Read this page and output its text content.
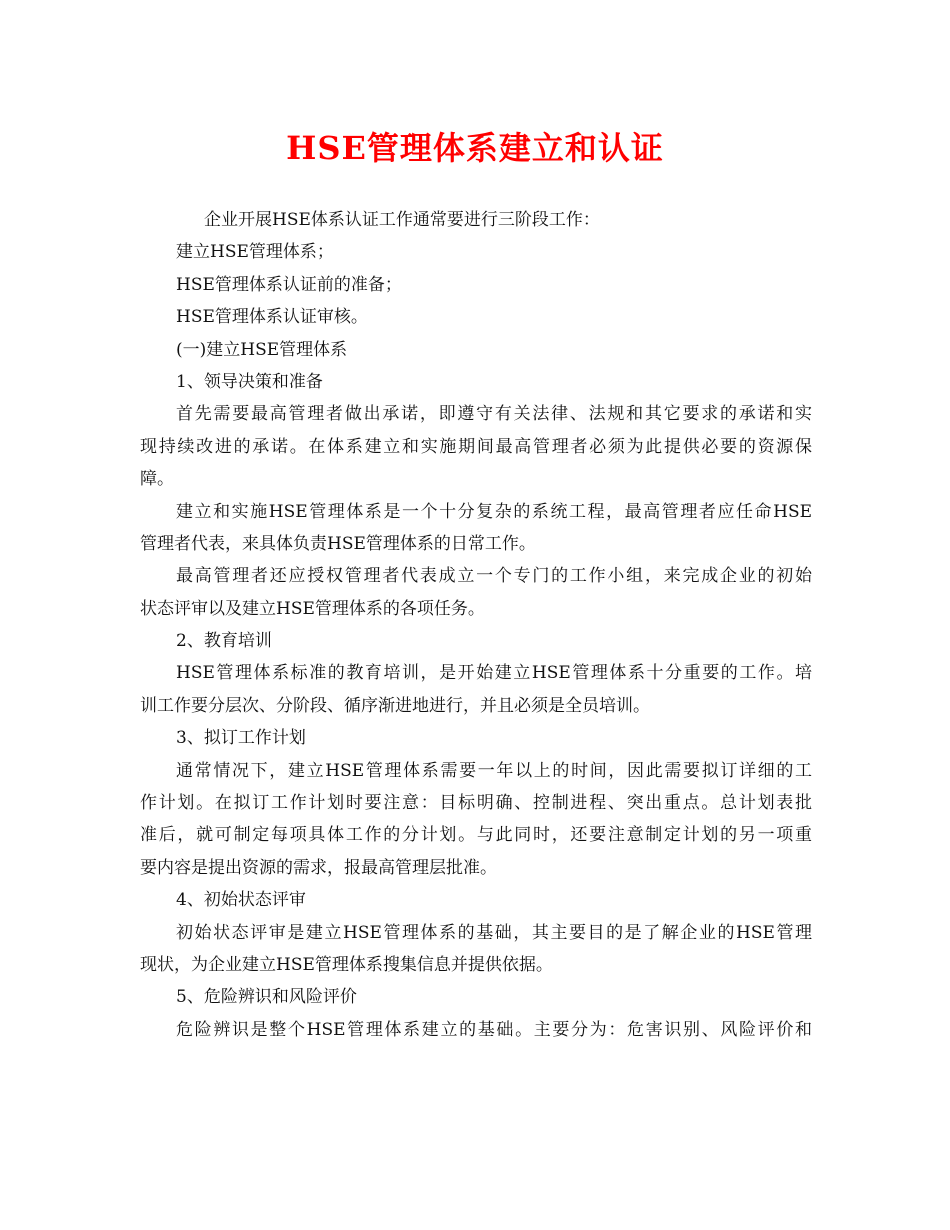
HSE管理体系建立和认证
企业开展HSE体系认证工作通常要进行三阶段工作：
建立HSE管理体系；
HSE管理体系认证前的准备；
HSE管理体系认证审核。
(一)建立HSE管理体系
1、领导决策和准备
首先需要最高管理者做出承诺，即遵守有关法律、法规和其它要求的承诺和实
现持续改进的承诺。在体系建立和实施期间最高管理者必须为此提供必要的资源保
障。
建立和实施HSE管理体系是一个十分复杂的系统工程，最高管理者应任命HSE
管理者代表，来具体负责HSE管理体系的日常工作。
最高管理者还应授权管理者代表成立一个专门的工作小组，来完成企业的初始
状态评审以及建立HSE管理体系的各项任务。
2、教育培训
HSE管理体系标准的教育培训，是开始建立HSE管理体系十分重要的工作。培
训工作要分层次、分阶段、循序渐进地进行，并且必须是全员培训。
3、拟订工作计划
通常情况下，建立HSE管理体系需要一年以上的时间，因此需要拟订详细的工
作计划。在拟订工作计划时要注意：目标明确、控制进程、突出重点。总计划表批
准后，就可制定每项具体工作的分计划。与此同时，还要注意制定计划的另一项重
要内容是提出资源的需求，报最高管理层批准。
4、初始状态评审
初始状态评审是建立HSE管理体系的基础，其主要目的是了解企业的HSE管理
现状，为企业建立HSE管理体系搜集信息并提供依据。
5、危险辨识和风险评价
危险辨识是整个HSE管理体系建立的基础。主要分为：危害识别、风险评价和
